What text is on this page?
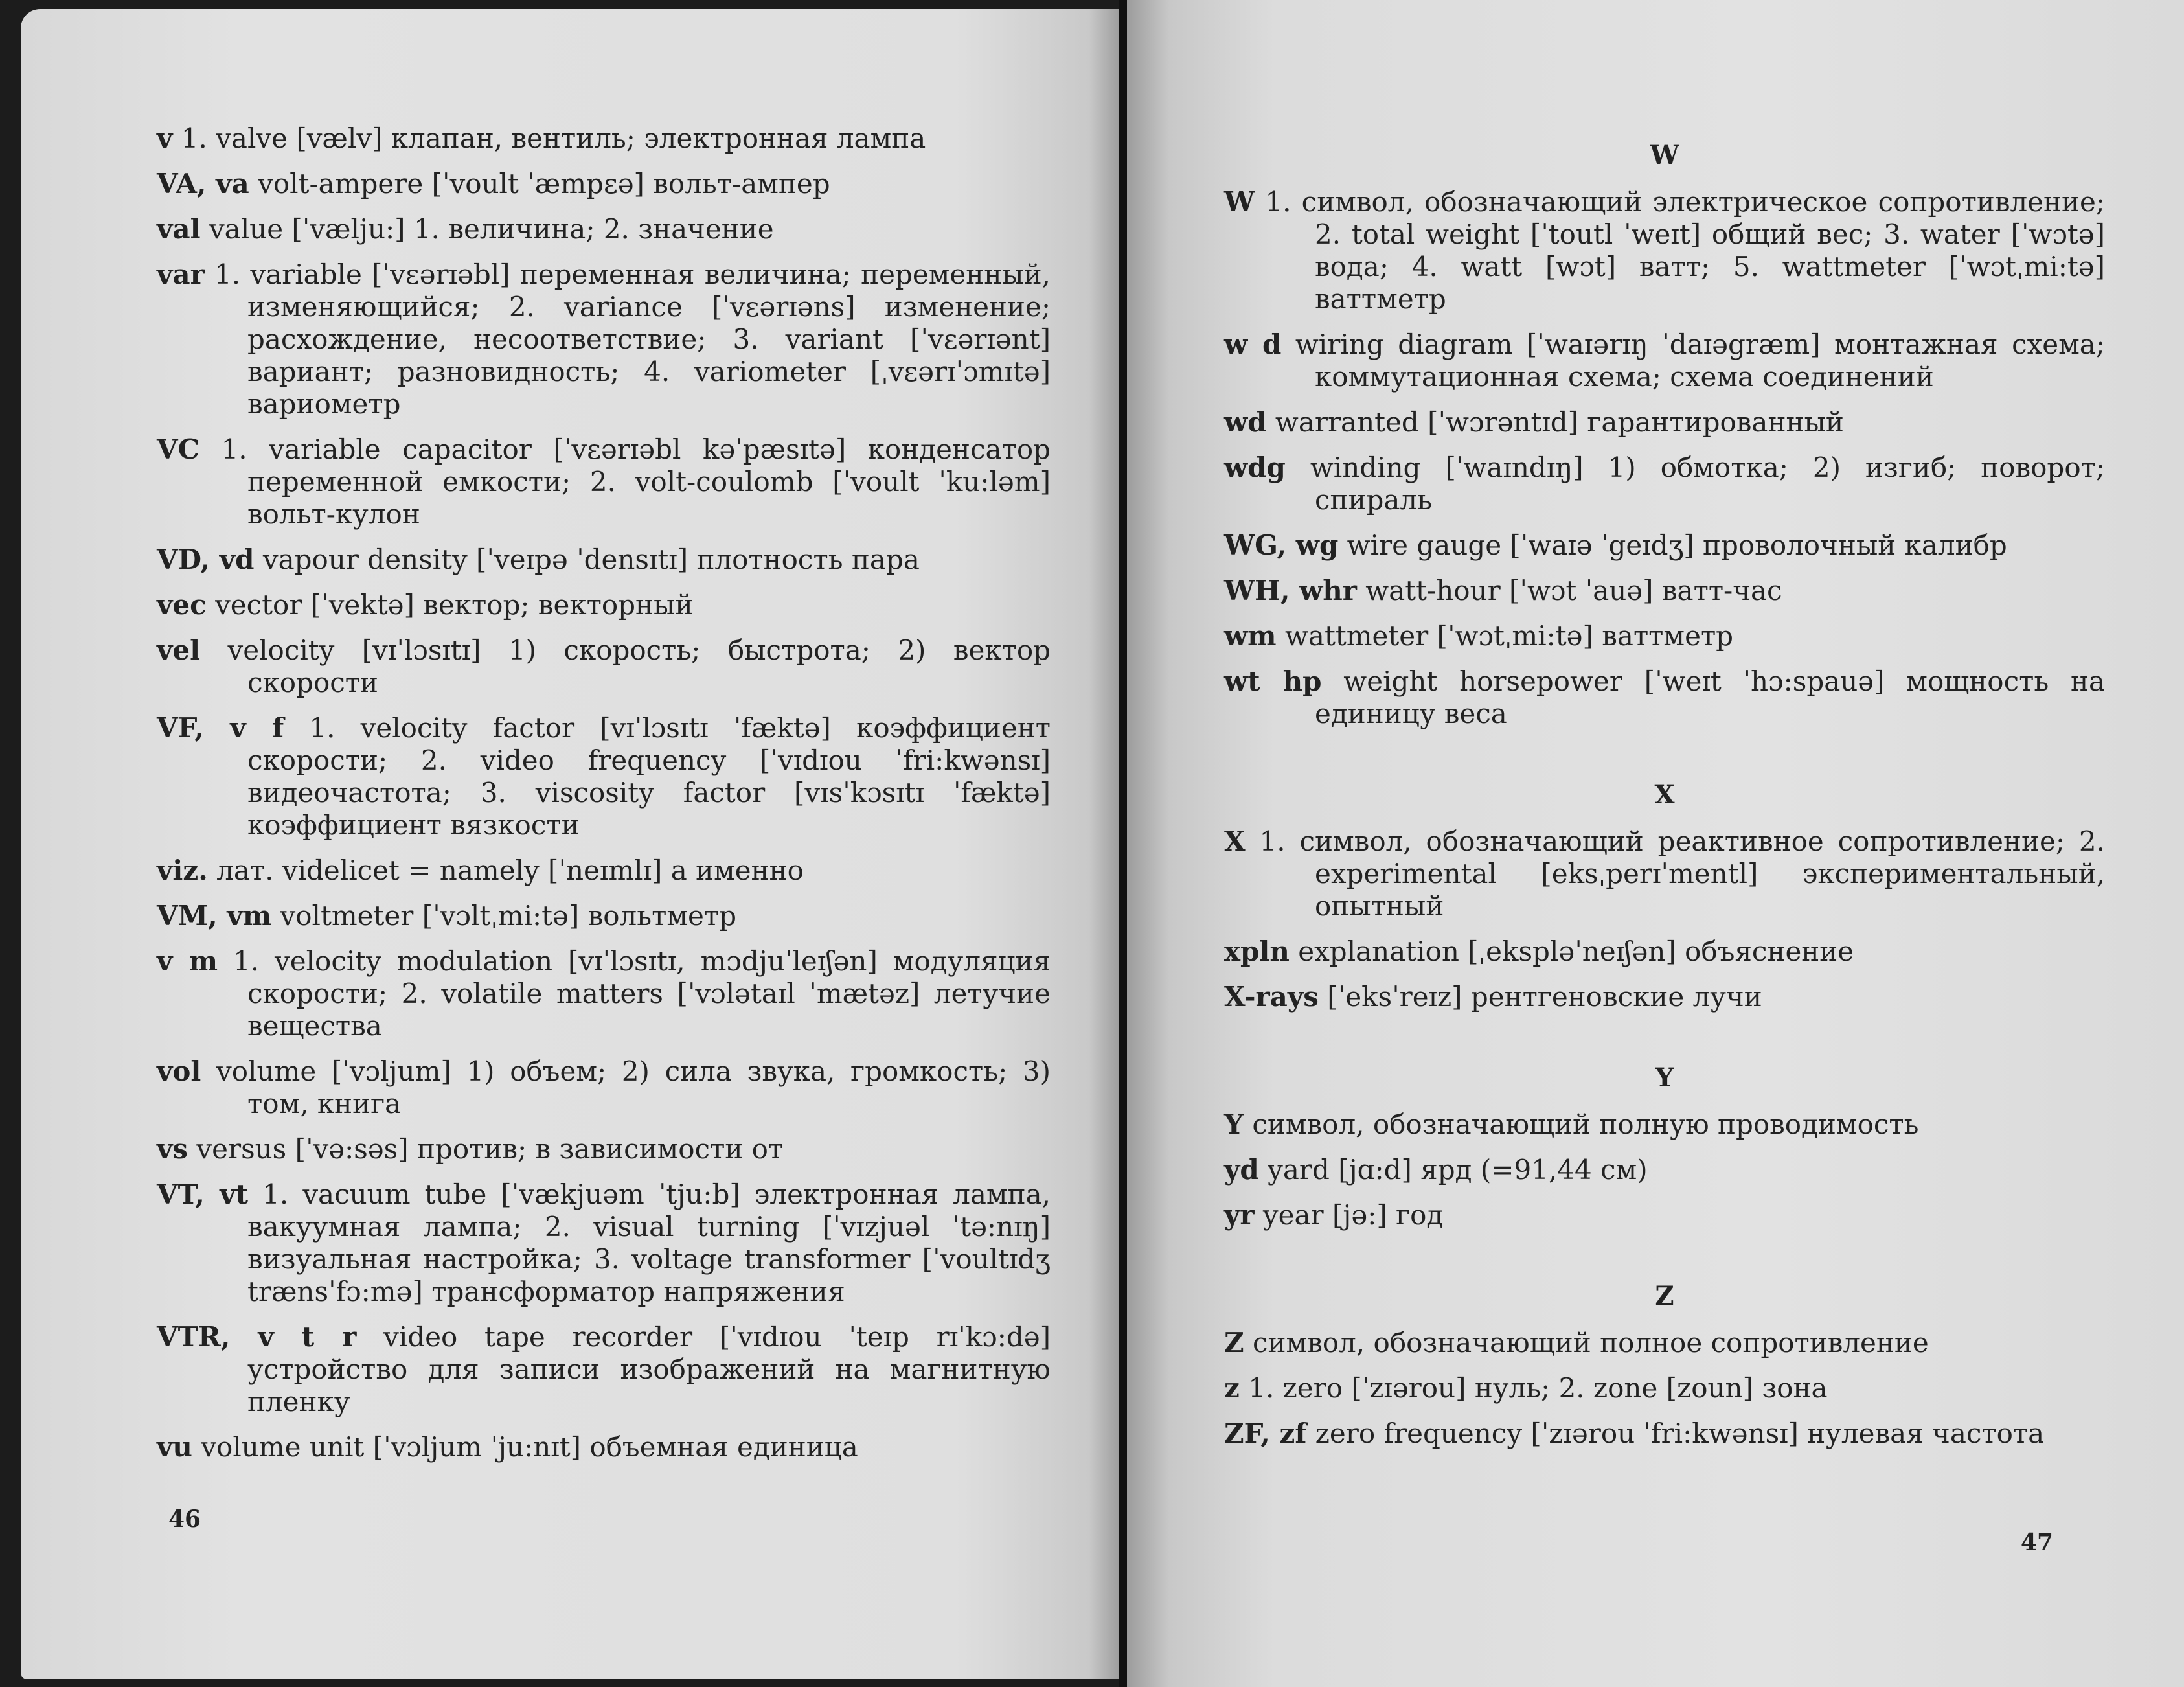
v 1. valve [vælv] клапан, вентиль; электронная лампа
VA, va volt-ampere [ˈvoult ˈæmpɛə] вольт-ампер
val value [ˈvælju:] 1. величина; 2. значение
var 1. variable [ˈvɛərɪəbl] переменная величина; переменный, изменяющийся; 2. variance [ˈvɛərɪəns] изменение; расхождение, несоответствие; 3. variant [ˈvɛərɪənt] вариант; разновидность; 4. variometer [ˌvɛərɪˈɔmɪtə] вариометр
VC 1. variable capacitor [ˈvɛərɪəbl kəˈpæsɪtə] конденсатор переменной емкости; 2. volt-coulomb [ˈvoult ˈku:ləm] вольт-кулон
VD, vd vapour density [ˈveɪpə ˈdensɪtɪ] плотность пара
vec vector [ˈvektə] вектор; векторный
vel velocity [vɪˈlɔsɪtɪ] 1) скорость; быстрота; 2) вектор скорости
VF, v f 1. velocity factor [vɪˈlɔsɪtɪ ˈfæktə] коэффициент скорости; 2. video frequency [ˈvɪdɪou ˈfri:kwənsɪ] видеочастота; 3. viscosity factor [vɪsˈkɔsɪtɪ ˈfæktə] коэффициент вязкости
viz. лат. videlicet = namely [ˈneɪmlɪ] а именно
VM, vm voltmeter [ˈvɔltˌmi:tə] вольтметр
v m 1. velocity modulation [vɪˈlɔsɪtɪ, mɔdjuˈleɪʃən] модуляция скорости; 2. volatile matters [ˈvɔlətaɪl ˈmætəz] летучие вещества
vol volume [ˈvɔljum] 1) объем; 2) сила звука, громкость; 3) том, книга
vs versus [ˈvə:səs] против; в зависимости от
VT, vt 1. vacuum tube [ˈvækjuəm ˈtju:b] электронная лампа, вакуумная лампа; 2. visual turning [ˈvɪzjuəl ˈtə:nɪŋ] визуальная настройка; 3. voltage transformer [ˈvoultɪdʒ trænsˈfɔ:mə] трансформатор напряжения
VTR, v t r video tape recorder [ˈvɪdɪou ˈteɪp rɪˈkɔ:də] устройство для записи изображений на магнитную пленку
vu volume unit [ˈvɔljum ˈju:nɪt] объемная единица
46
W
W 1. символ, обозначающий электрическое сопротивление; 2. total weight [ˈtoutl ˈweɪt] общий вес; 3. water [ˈwɔtə] вода; 4. watt [wɔt] ватт; 5. wattmeter [ˈwɔtˌmi:tə] ваттметр
w d wiring diagram [ˈwaɪərɪŋ ˈdaɪəgræm] монтажная схема; коммутационная схема; схема соединений
wd warranted [ˈwɔrəntɪd] гарантированный
wdg winding [ˈwaɪndɪŋ] 1) обмотка; 2) изгиб; поворот; спираль
WG, wg wire gauge [ˈwaɪə ˈgeɪdʒ] проволочный калибр
WH, whr watt-hour [ˈwɔt ˈauə] ватт-час
wm wattmeter [ˈwɔtˌmi:tə] ваттметр
wt hp weight horsepower [ˈweɪt ˈhɔ:spauə] мощность на единицу веса
X
X 1. символ, обозначающий реактивное сопротивление; 2. experimental [eksˌperɪˈmentl] экспериментальный, опытный
xpln explanation [ˌekspləˈneɪʃən] объяснение
X-rays [ˈeksˈreɪz] рентгеновские лучи
Y
Y символ, обозначающий полную проводимость
yd yard [jɑ:d] ярд (=91,44 см)
yr year [jə:] год
Z
Z символ, обозначающий полное сопротивление
z 1. zero [ˈzɪərou] нуль; 2. zone [zoun] зона
ZF, zf zero frequency [ˈzɪərou ˈfri:kwənsɪ] нулевая частота
47
